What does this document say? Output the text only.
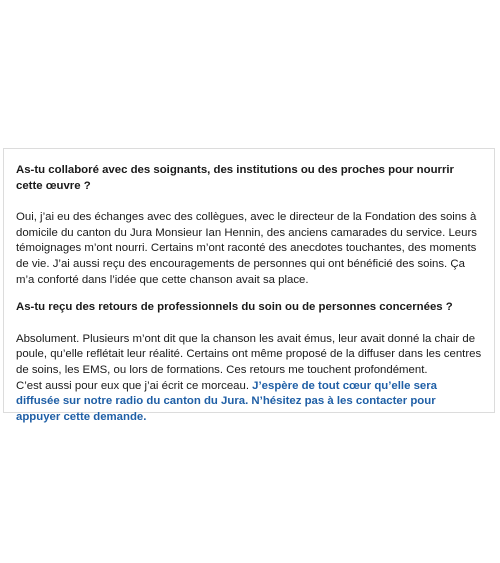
As-tu collaboré avec des soignants, des institutions ou des proches pour nourrir cette œuvre ?

Oui, j’ai eu des échanges avec des collègues, avec le directeur de la Fondation des soins à domicile du canton du Jura Monsieur Ian Hennin, des anciens camarades du service. Leurs témoignages m’ont nourri. Certains m’ont raconté des anecdotes touchantes, des moments de vie. J’ai aussi reçu des encouragements de personnes qui ont bénéficié des soins. Ça m’a conforté dans l’idée que cette chanson avait sa place.

As-tu reçu des retours de professionnels du soin ou de personnes concernées ?

Absolument. Plusieurs m’ont dit que la chanson les avait émus, leur avait donné la chair de poule, qu’elle reflétait leur réalité. Certains ont même proposé de la diffuser dans les centres de soins, les EMS, ou lors de formations. Ces retours me touchent profondément.

C’est aussi pour eux que j’ai écrit ce morceau. J’espère de tout cœur qu’elle sera diffusée sur notre radio du canton du Jura. N’hésitez pas à les contacter pour appuyer cette demande.
